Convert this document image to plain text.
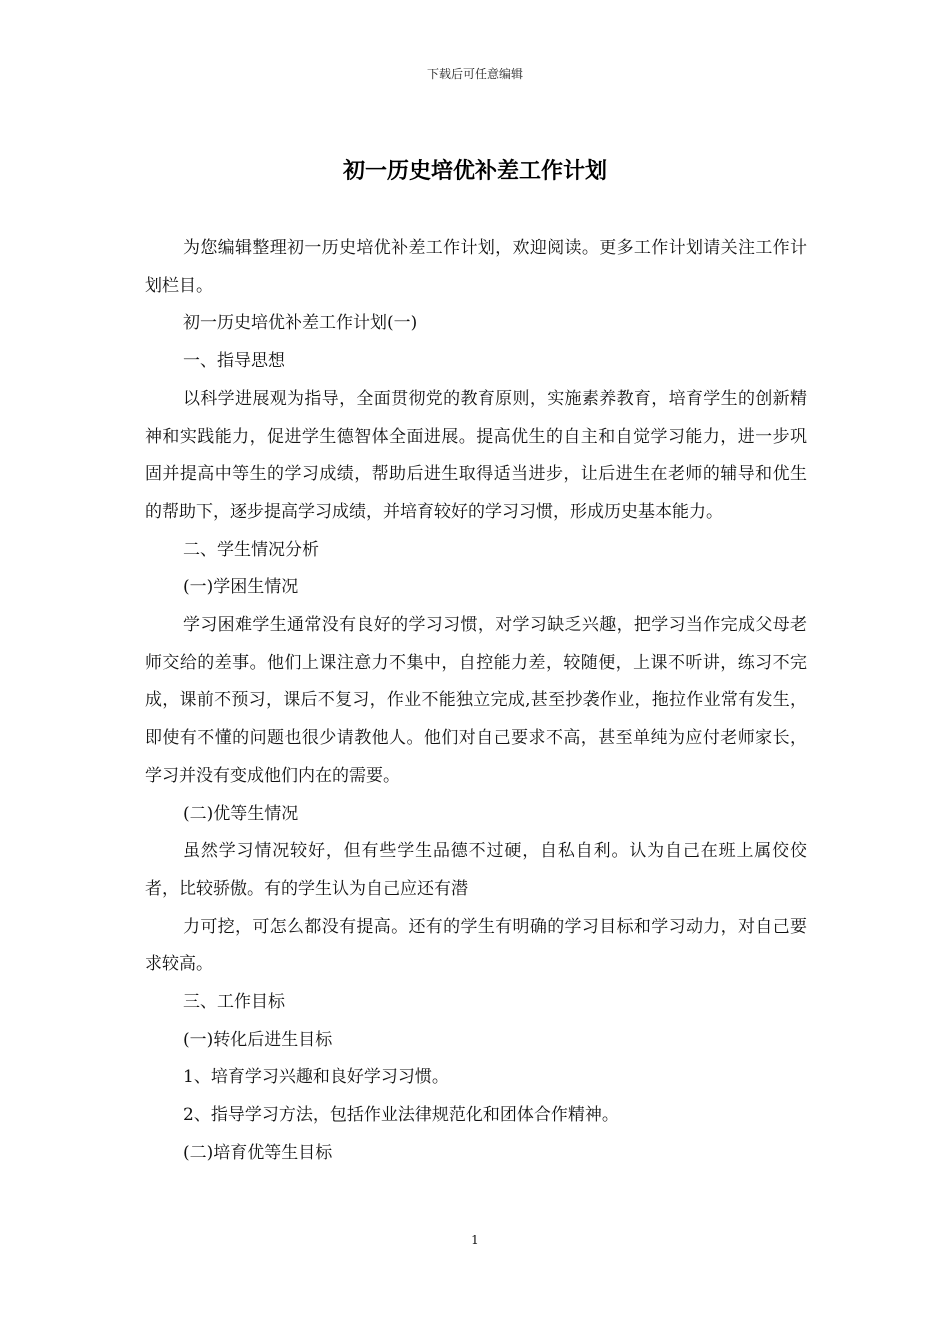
下载后可任意编辑
初一历史培优补差工作计划

为您编辑整理初一历史培优补差工作计划，欢迎阅读。更多工作计划请关注工作计划栏目。

初一历史培优补差工作计划(一)

一、指导思想

以科学进展观为指导，全面贯彻党的教育原则，实施素养教育，培育学生的创新精神和实践能力，促进学生德智体全面进展。提高优生的自主和自觉学习能力，进一步巩固并提高中等生的学习成绩，帮助后进生取得适当进步，让后进生在老师的辅导和优生的帮助下，逐步提高学习成绩，并培育较好的学习习惯，形成历史基本能力。

二、学生情况分析

(一)学困生情况

学习困难学生通常没有良好的学习习惯，对学习缺乏兴趣，把学习当作完成父母老师交给的差事。他们上课注意力不集中，自控能力差，较随便，上课不听讲，练习不完成，课前不预习，课后不复习，作业不能独立完成,甚至抄袭作业，拖拉作业常有发生，即使有不懂的问题也很少请教他人。他们对自己要求不高，甚至单纯为应付老师家长，学习并没有变成他们内在的需要。

(二)优等生情况

虽然学习情况较好，但有些学生品德不过硬，自私自利。认为自己在班上属佼佼者，比较骄傲。有的学生认为自己应还有潜

力可挖，可怎么都没有提高。还有的学生有明确的学习目标和学习动力，对自己要求较高。

三、工作目标

(一)转化后进生目标

1、培育学习兴趣和良好学习习惯。

2、指导学习方法，包括作业法律规范化和团体合作精神。

(二)培育优等生目标

1
